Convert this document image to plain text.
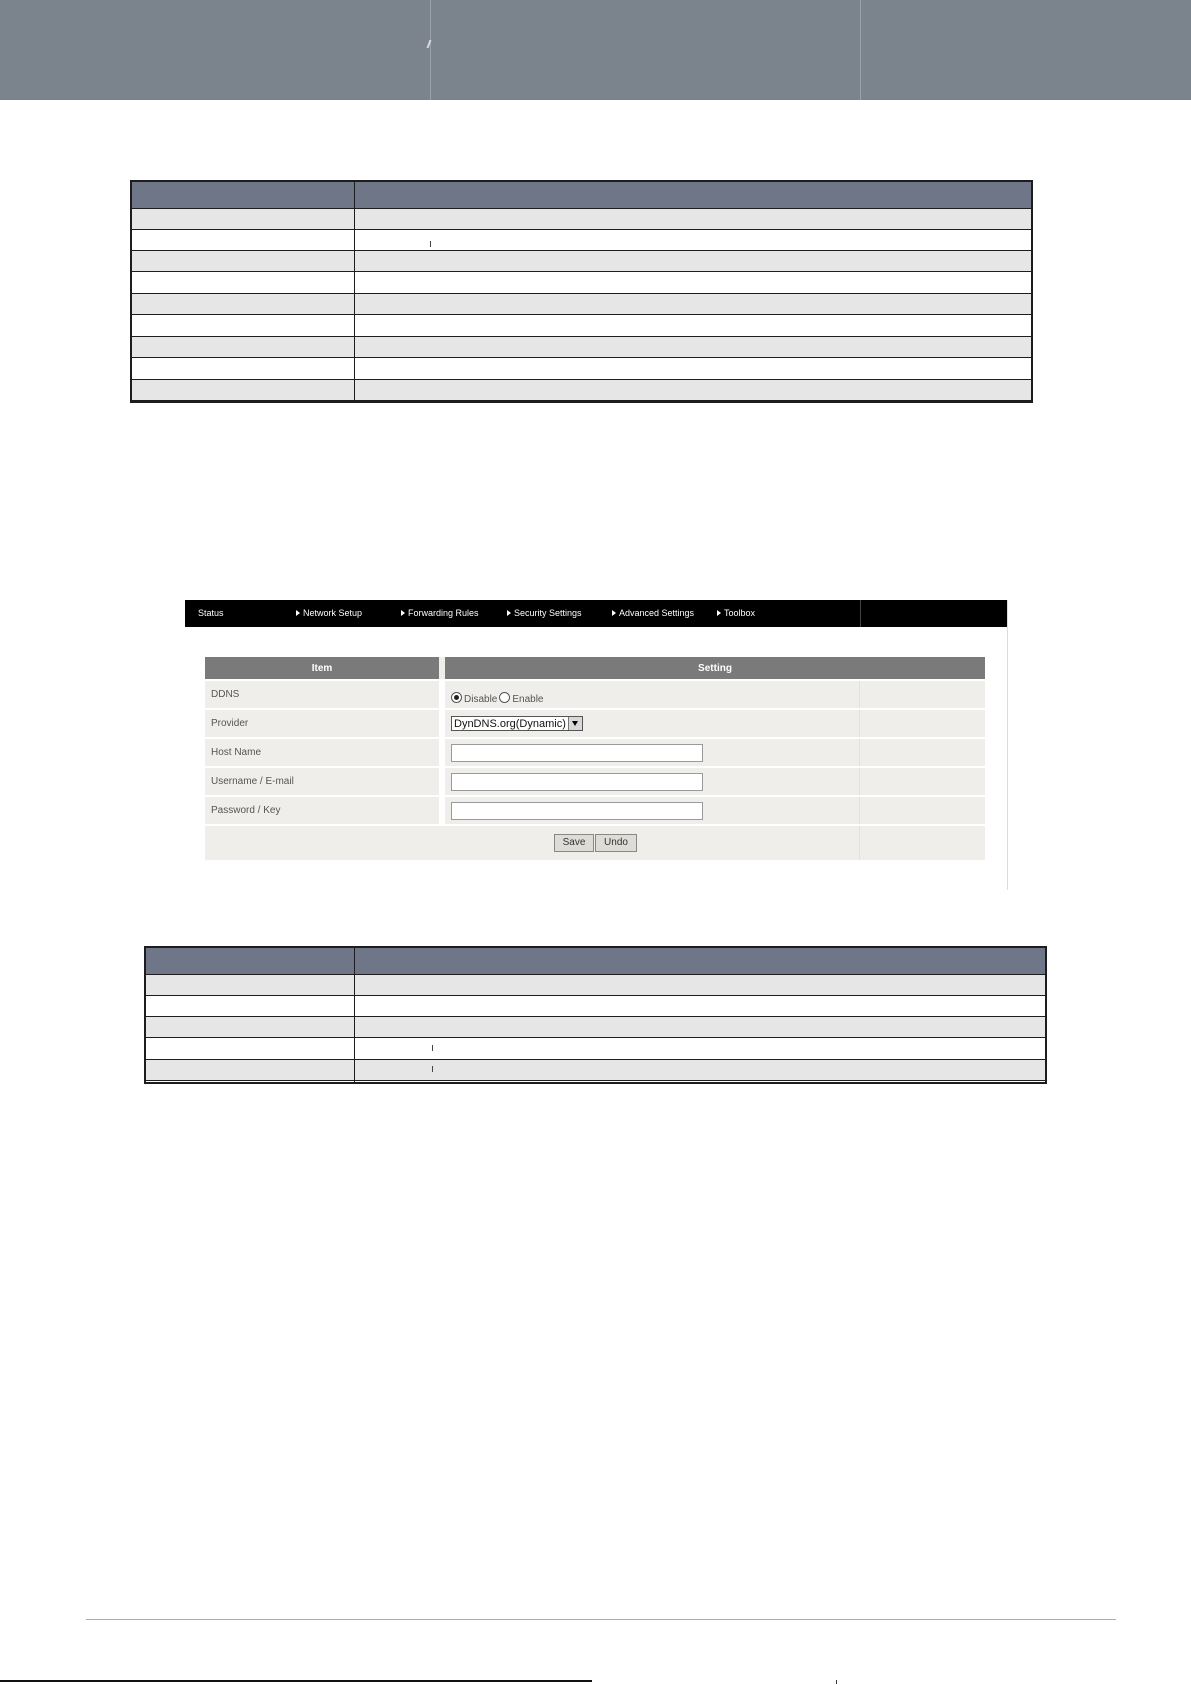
Status	Network Setup	Forwarding Rules	Security Settings	Advanced Settings	Toolbox
Item	Setting
DDNS	Disable Enable
Provider	DynDNS.org(Dynamic)
Host Name
Username / E-mail
Password / Key
Save	Undo
